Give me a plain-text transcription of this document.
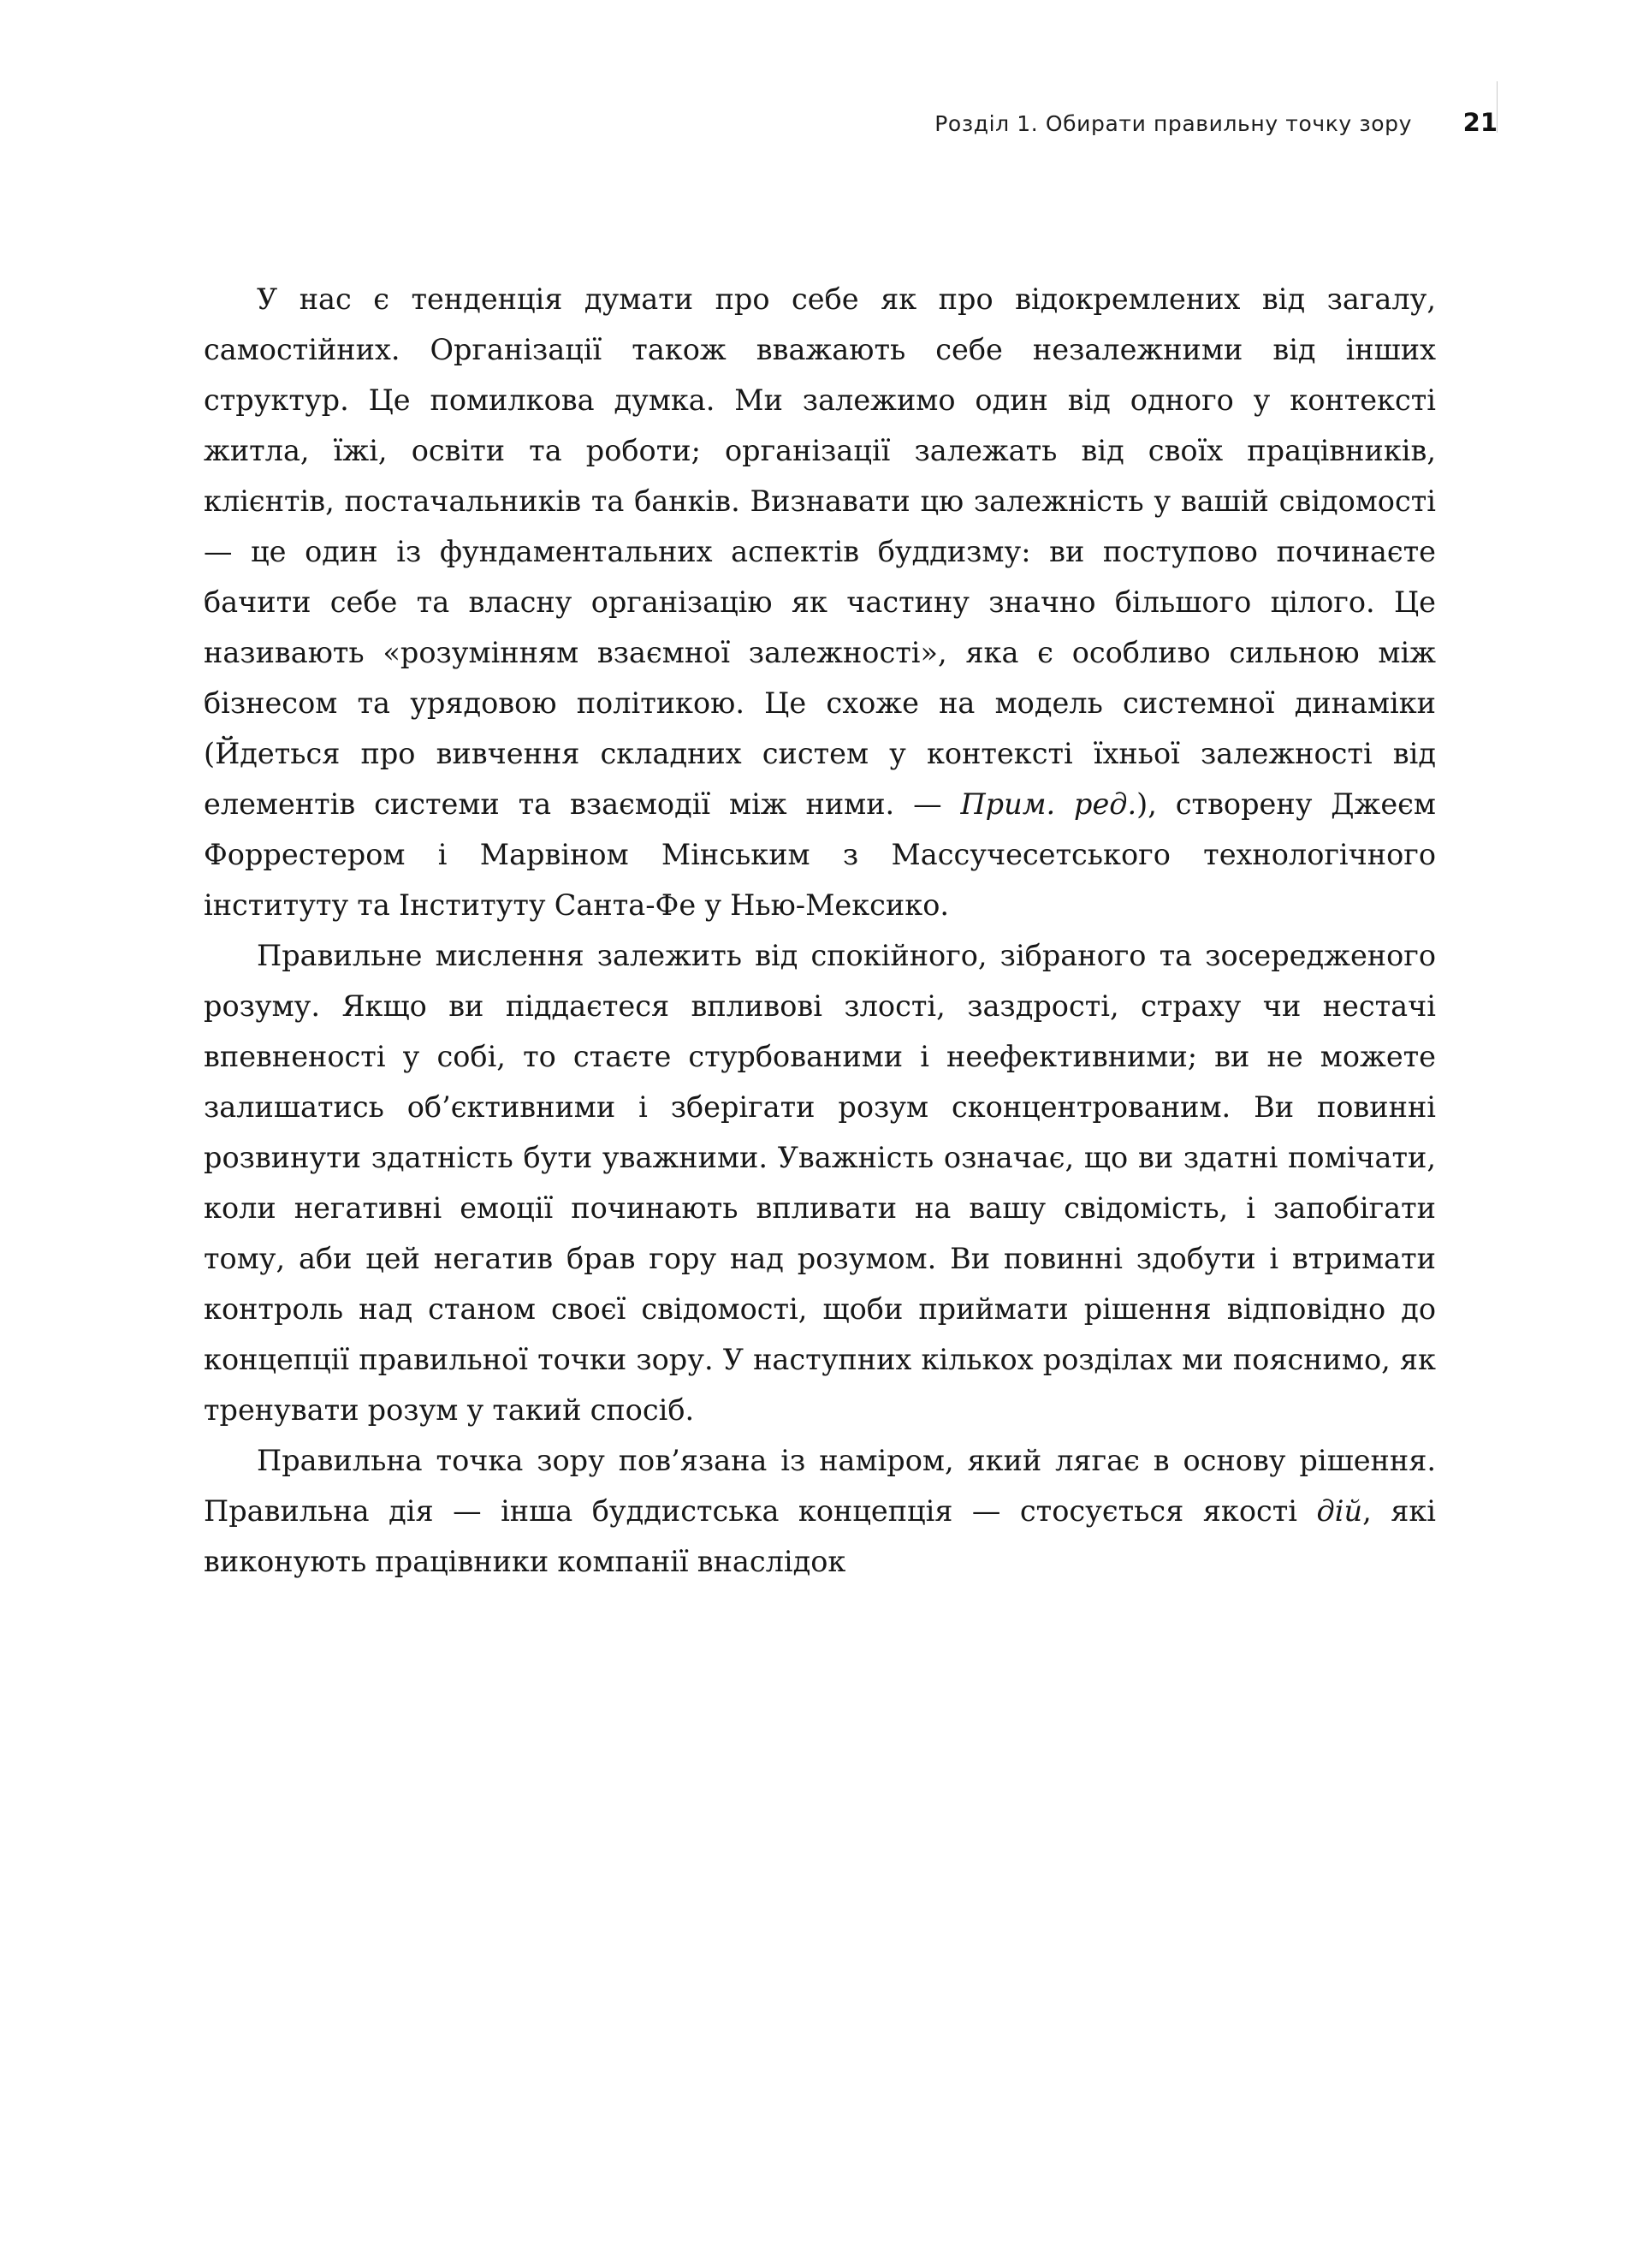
Розділ 1. Обирати правильну точку зору 21

У нас є тенденція думати про себе як про відокремлених від загалу, самостійних. Організації також вважають себе незалежними від інших структур. Це помилкова думка. Ми залежимо один від одного у контексті житла, їжі, освіти та роботи; організації залежать від своїх працівників, клієнтів, постачальників та банків. Визнавати цю залежність у вашій свідомості — це один із фундаментальних аспектів буддизму: ви поступово починаєте бачити себе та власну організацію як частину значно більшого цілого. Це називають «розумінням взаємної залежності», яка є особливо сильною між бізнесом та урядовою політикою. Це схоже на модель системної динаміки (Йдеться про вивчення складних систем у контексті їхньої залежності від елементів системи та взаємодії між ними. — Прим. ред.), створену Джеєм Форрестером і Марвіном Мінським з Массучесетського технологічного інституту та Інституту Санта-Фе у Нью-Мексико.

Правильне мислення залежить від спокійного, зібраного та зосередженого розуму. Якщо ви піддаєтеся впливові злості, заздрості, страху чи нестачі впевненості у собі, то стаєте стурбованими і неефективними; ви не можете залишатись об’єктивними і зберігати розум сконцентрованим. Ви повинні розвинути здатність бути уважними. Уважність означає, що ви здатні помічати, коли негативні емоції починають впливати на вашу свідомість, і запобігати тому, аби цей негатив брав гору над розумом. Ви повинні здобути і втримати контроль над станом своєї свідомості, щоби приймати рішення відповідно до концепції правильної точки зору. У наступних кількох розділах ми пояснимо, як тренувати розум у такий спосіб.

Правильна точка зору пов’язана із наміром, який лягає в основу рішення. Правильна дія — інша буддистська концепція — стосується якості дій, які виконують працівники компанії внаслідок
